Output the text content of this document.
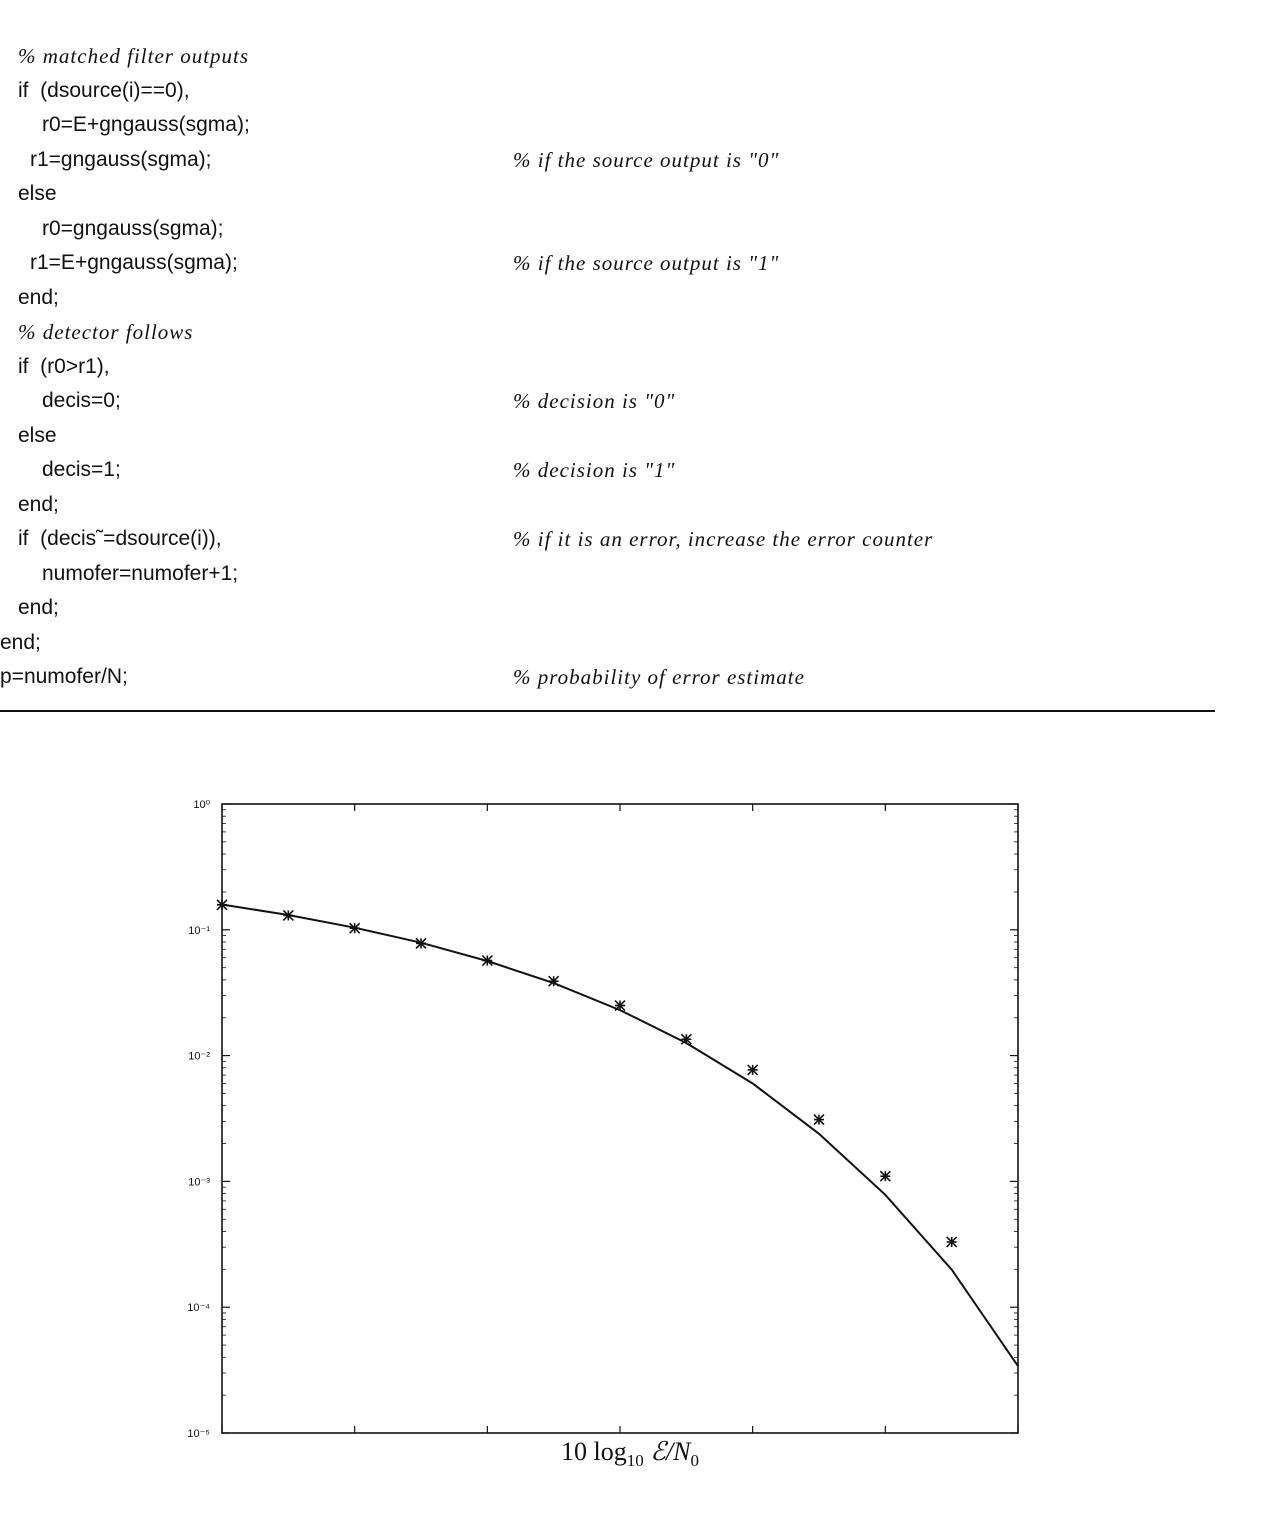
% matched filter outputs
if  (dsource(i)==0),
r0=E+gngauss(sgma);
r1=gngauss(sgma);	% if the source output is "0"
else
r0=gngauss(sgma);
r1=E+gngauss(sgma);	% if the source output is "1"
end;
% detector follows
if  (r0>r1),
decis=0;	% decision is "0"
else
decis=1;	% decision is "1"
end;
if  (decis˜=dsource(i)),	% if it is an error, increase the error counter
numofer=numofer+1;
end;
end;
p=numofer/N;	% probability of error estimate
10⁰
10⁻¹
10⁻²
10⁻³
10⁻⁴
10⁻⁵
10 $\log_{10}$ $ℰ/N_0$
